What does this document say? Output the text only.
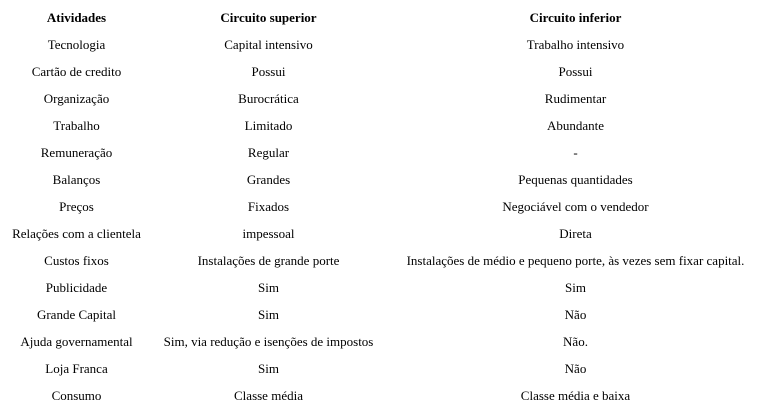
Atividades	Circuito superior	Circuito inferior
Tecnologia	Capital intensivo	Trabalho intensivo
Cartão de credito	Possui	Possui
Organização	Burocrática	Rudimentar
Trabalho	Limitado	Abundante
Remuneração	Regular	-
Balanços	Grandes	Pequenas quantidades
Preços	Fixados	Negociável com o vendedor
Relações com a clientela	impessoal	Direta
Custos fixos	Instalações de grande porte	Instalações de médio e pequeno porte, às vezes sem fixar capital.
Publicidade	Sim	Sim
Grande Capital	Sim	Não
Ajuda governamental	Sim, via redução e isenções de impostos	Não.
Loja Franca	Sim	Não
Consumo	Classe média	Classe média e baixa
